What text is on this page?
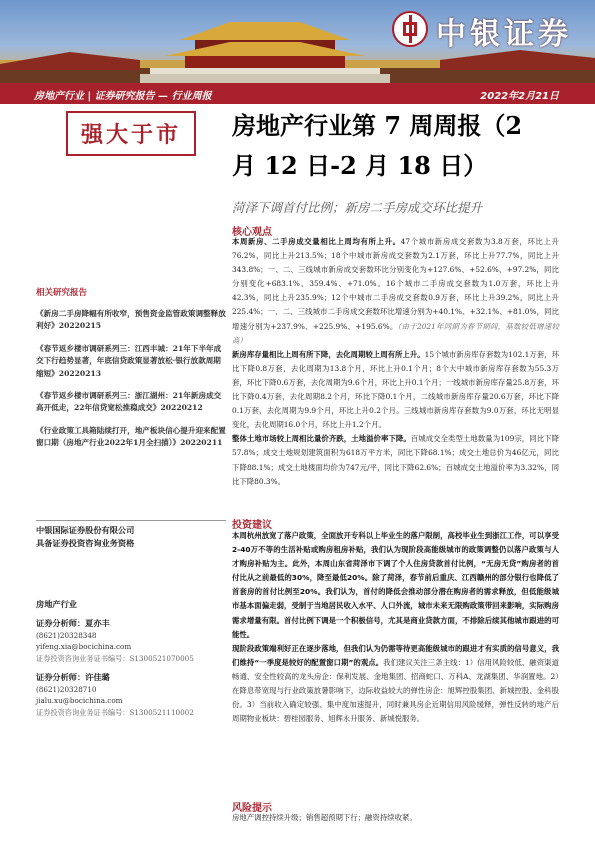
中银证券
房地产行业 | 证券研究报告 — 行业周报	2022年2月21日
强大于市	房地产行业第 7 周周报（2
月 12 日-2 月 18 日）
菏泽下调首付比例；新房二手房成交环比提升
核心观点

本周新房、二手房成交量相比上周均有所上升。47个城市新房成交套数为3.8万套，环比上升76.2%，同比上升213.5%；18个中城市新房成交套数为2.1万套，环比上升77.7%，同比上升343.8%；一、二、三线城市新房成交套数环比分别变化为+127.6%、+52.6%、+97.2%，同比分别变化+683.1%、359.4%、+71.0%。16个城市二手房成交套数为1.0万套，环比上升42.3%，同比上升235.9%；12个中城市二手房成交套数0.9万套，环比上升39.2%，同比上升225.4%；一、二、三线城市二手房成交套数环比增速分别为+40.1%、+32.1%、+81.0%，同比增速分别为+237.9%、+225.9%、+195.6%。（由于2021年同期为春节期间，基数较低增速较高）

新房库存量相比上周有所下降，去化周期较上周有所上升。15个城市新房库存套数为102.1万套，环比下降0.8万套，去化周期为13.8个月，环比上升0.1个月；8个大中城市新房库存套数为55.3万套，环比下降0.6万套，去化周期为9.6个月，环比上升0.1个月；一线城市新房库存量25.8万套，环比下降0.4万套，去化周期8.2个月，环比下降0.1个月，二线城市新房库存量20.6万套，环比下降0.1万套，去化周期为9.9个月，环比上升0.2个月。三线城市新房库存套数为9.0万套，环比无明显变化，去化周期16.0个月，环比上升1.2个月。

整体土地市场较上周相比量价齐跌，土地溢价率下降。百城成交全类型土地数量为109宗，同比下降57.8%；成交土地规划建筑面积为618万平方米，同比下降68.1%；成交土地总价为46亿元，同比下降88.1%；成交土地楼面均价为747元/平，同比下降62.6%；百城成交土地溢价率为3.32%，同比下降80.3%。

投资建议

本周杭州放宽了落户政策，全面放开专科以上毕业生的落户限制，高校毕业生到浙江工作，可以享受2-40万不等的生活补贴或购房租房补贴，我们认为现阶段高能级城市的政策调整仍以落户政策与人才购房补贴为主。此外，本周山东省菏泽市下调了个人住房贷款首付比例，“无房无贷”购房者的首付比从之前最低的30%，降至最低20%。除了菏泽，春节前后重庆、江西赣州的部分银行也降低了首套房的首付比例至20%。我们认为，首付的降低会推动部分潜在购房者的需求释放，但低能级城市基本面偏走弱，受制于当地居民收入水平、人口外流，城市未来无限购政策带回来影响，实际购房需求增量有限。首付比例下调是一个积极信号，尤其是商业贷款方面，不排除后续其他城市跟进的可能性。

现阶段政策端利好正在逐步落地，但我们认为仍需等待更高能级城市的跟进才有实质的信号意义，我们维持“一季度是较好的配置窗口期”的观点。我们建议关注三条主线：1）信用风险较低、融资渠道畅通、安全性较高的龙头房企：保利发展、金地集团、招商蛇口、万科A、龙湖集团、华润置地。2）在降息带宽现与行业政策放暑影响下，边际收益较大的弹性房企：旭辉控股集团、新城控股、金科股份。3）当前收入确定较强、集中度加速提升，同时兼具房企近期信用风险缓释，弹性反转的地产后周期物业板块：碧桂园服务、旭辉永升服务、新城悦服务。

风险提示
房地产调控持续升级；销售超预期下行；融资持续收紧。
相关研究报告
《新房二手房降幅有所收窄，预售资金监管政策调整释放利好》20220215
《春节返乡楼市调研系列三：江西丰城：21年下半年成交下行趋势显著，年底信贷政策显著放松·银行放款周期缩短》20220213
《春节返乡楼市调研系列三：浙江湖州：21年新房成交高开低走，22年信贷宽松推稳成交》20220212
《行业政策工具箱陆续打开，地产板块信心提升迎来配置窗口期（房地产行业2022年1月全扫描）》20220211
中银国际证券股份有限公司
具备证券投资咨询业务资格
房地产行业
证券分析师：夏亦丰
(8621)20328348
yifeng.xia@bocichina.com
证券投资咨询业务证书编号：S1300521070005
证券分析师：许佳璐
(8621)20328710
jialu.xu@bocichina.com
证券投资咨询业务证书编号：S1300521110002
